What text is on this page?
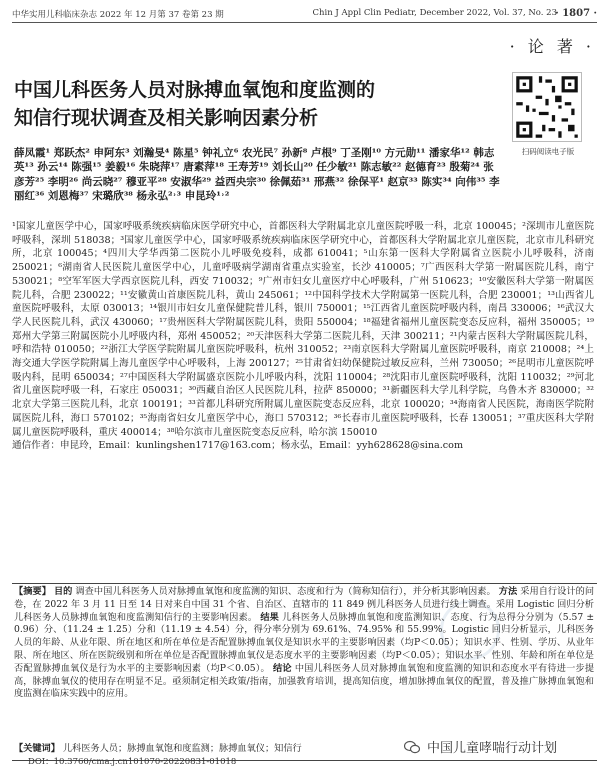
中华实用儿科临床杂志 2022 年 12 月第 37 卷第 23 期	Chin J Appl Clin Pediatr, December 2022, Vol. 37, No. 23
· 1807 ·
· 论 著 ·
中国儿科医务人员对脉搏血氧饱和度监测的
知信行现状调查及相关影响因素分析
扫码阅读电子版
薛凤霞¹ 郑跃杰² 申阿东³ 刘瀚旻⁴ 陈星⁵ 钟礼立⁶ 农光民⁷ 孙新⁸ 卢根⁹ 丁圣刚¹⁰ 方元勋¹¹ 潘家华¹² 韩志英¹³ 孙云¹⁴ 陈强¹⁵ 姜毅¹⁶ 朱晓萍¹⁷ 唐素萍¹⁸ 王寿芳¹⁹ 刘长山²⁰ 任少敏²¹ 陈志敏²² 赵德育²³ 殷菊²⁴ 张彦芳²⁵ 李明²⁶ 尚云晓²⁷ 穆亚平²⁸ 安淑华²⁹ 益西央宗³⁰ 徐佩茹³¹ 邢燕³² 徐保平¹ 赵京³³ 陈实³⁴ 向伟³⁵ 李丽红³⁶ 刘恩梅³⁷ 宋璐欣³⁸ 杨永弘²˒³ 申昆玲¹˒²
¹国家儿童医学中心，国家呼吸系统疾病临床医学研究中心，首都医科大学附属北京儿童医院呼吸一科，北京 100045；²深圳市儿童医院呼吸科，深圳 518038；³国家儿童医学中心，国家呼吸系统疾病临床医学研究中心，首都医科大学附属北京儿童医院，北京市儿科研究所，北京 100045；⁴四川大学华西第二医院小儿呼吸免疫科，成都 610041；⁵山东第一医科大学附属省立医院小儿呼吸科，济南 250021；⁶湖南省人民医院儿童医学中心，儿童呼吸病学湖南省重点实验室，长沙 410005；⁷广西医科大学第一附属医院儿科，南宁 530021；⁸空军军医大学西京医院儿科，西安 710032；⁹广州市妇女儿童医疗中心呼吸科，广州 510623；¹⁰安徽医科大学第一附属医院儿科，合肥 230022；¹¹安徽黄山首康医院儿科，黄山 245061；¹²中国科学技术大学附属第一医院儿科，合肥 230001；¹³山西省儿童医院呼吸科，太原 030013；¹⁴银川市妇女儿童保健院普儿科，银川 750001；¹⁵江西省儿童医院呼吸内科，南昌 330006；¹⁶武汉大学人民医院儿科，武汉 430060；¹⁷贵州医科大学附属医院儿科，贵阳 550004；¹⁸福建省福州儿童医院变态反应科，福州 350005；¹⁹郑州大学第三附属医院小儿呼吸内科，郑州 450052；²⁰天津医科大学第二医院儿科，天津 300211；²¹内蒙古医科大学附属医院儿科，呼和浩特 010050；²²浙江大学医学院附属儿童医院呼吸科，杭州 310052；²³南京医科大学附属儿童医院呼吸科，南京 210008；²⁴上海交通大学医学院附属上海儿童医学中心呼吸科，上海 200127；²⁵甘肃省妇幼保健院过敏反应科，兰州 730050；²⁶昆明市儿童医院呼吸内科，昆明 650034；²⁷中国医科大学附属盛京医院小儿呼吸内科，沈阳 110004；²⁸沈阳市儿童医院呼吸科，沈阳 110032；²⁹河北省儿童医院呼吸一科，石家庄 050031；³⁰西藏自治区人民医院儿科，拉萨 850000；³¹新疆医科大学儿科学院，乌鲁木齐 830000；³²北京大学第三医院儿科，北京 100191；³³首都儿科研究所附属儿童医院变态反应科，北京 100020；³⁴海南省人民医院，海南医学院附属医院儿科，海口 570102；³⁵海南省妇女儿童医学中心，海口 570312；³⁶长春市儿童医院呼吸科，长春 130051；³⁷重庆医科大学附属儿童医院呼吸科，重庆 400014；³⁸哈尔滨市儿童医院变态反应科，哈尔滨 150010
通信作者：申昆玲，Email：kunlingshen1717@163.com；杨永弘，Email：yyh628628@sina.com
【摘要】 目的 调查中国儿科医务人员对脉搏血氧饱和度监测的知识、态度和行为（简称知信行），并分析其影响因素。 方法 采用自行设计的问卷，在 2022 年 3 月 11 日至 14 日对来自中国 31 个省、自治区、直辖市的 11 849 例儿科医务人员进行线上调查。采用 Logistic 回归分析儿科医务人员脉搏血氧饱和度监测知信行的主要影响因素。 结果 儿科医务人员脉搏血氧饱和度监测知识、态度、行为总得分分别为（5.57 ± 0.96）分、（11.24 ± 1.25）分和（11.19 ± 4.54）分，得分率分别为 69.61%、74.95% 和 55.99%。Logistic 回归分析显示，儿科医务人员的年龄、从业年限、所在地区和所在单位是否配置脉搏血氧仪是知识水平的主要影响因素（均P＜0.05）；知识水平、性别、学历、从业年限、所在地区、所在医院级别和所在单位是否配置脉搏血氧仪是态度水平的主要影响因素（均P＜0.05）；知识水平、性别、年龄和所在单位是否配置脉搏血氧仪是行为水平的主要影响因素（均P＜0.05）。 结论 中国儿科医务人员对脉搏血氧饱和度监测的知识和态度水平有待进一步提高，脉搏血氧仪的使用存在明显不足。亟须制定相关政策/指南，加强教育培训，提高知信度，增加脉搏血氧仪的配置，普及推广脉搏血氧饱和度监测在临床实践中的应用。
【关键词】 儿科医务人员；脉搏血氧饱和度监测；脉搏血氧仪；知信行
DOI：10.3760/cma.j.cn101070-20220831-01018
中国儿童哮喘行动计划
